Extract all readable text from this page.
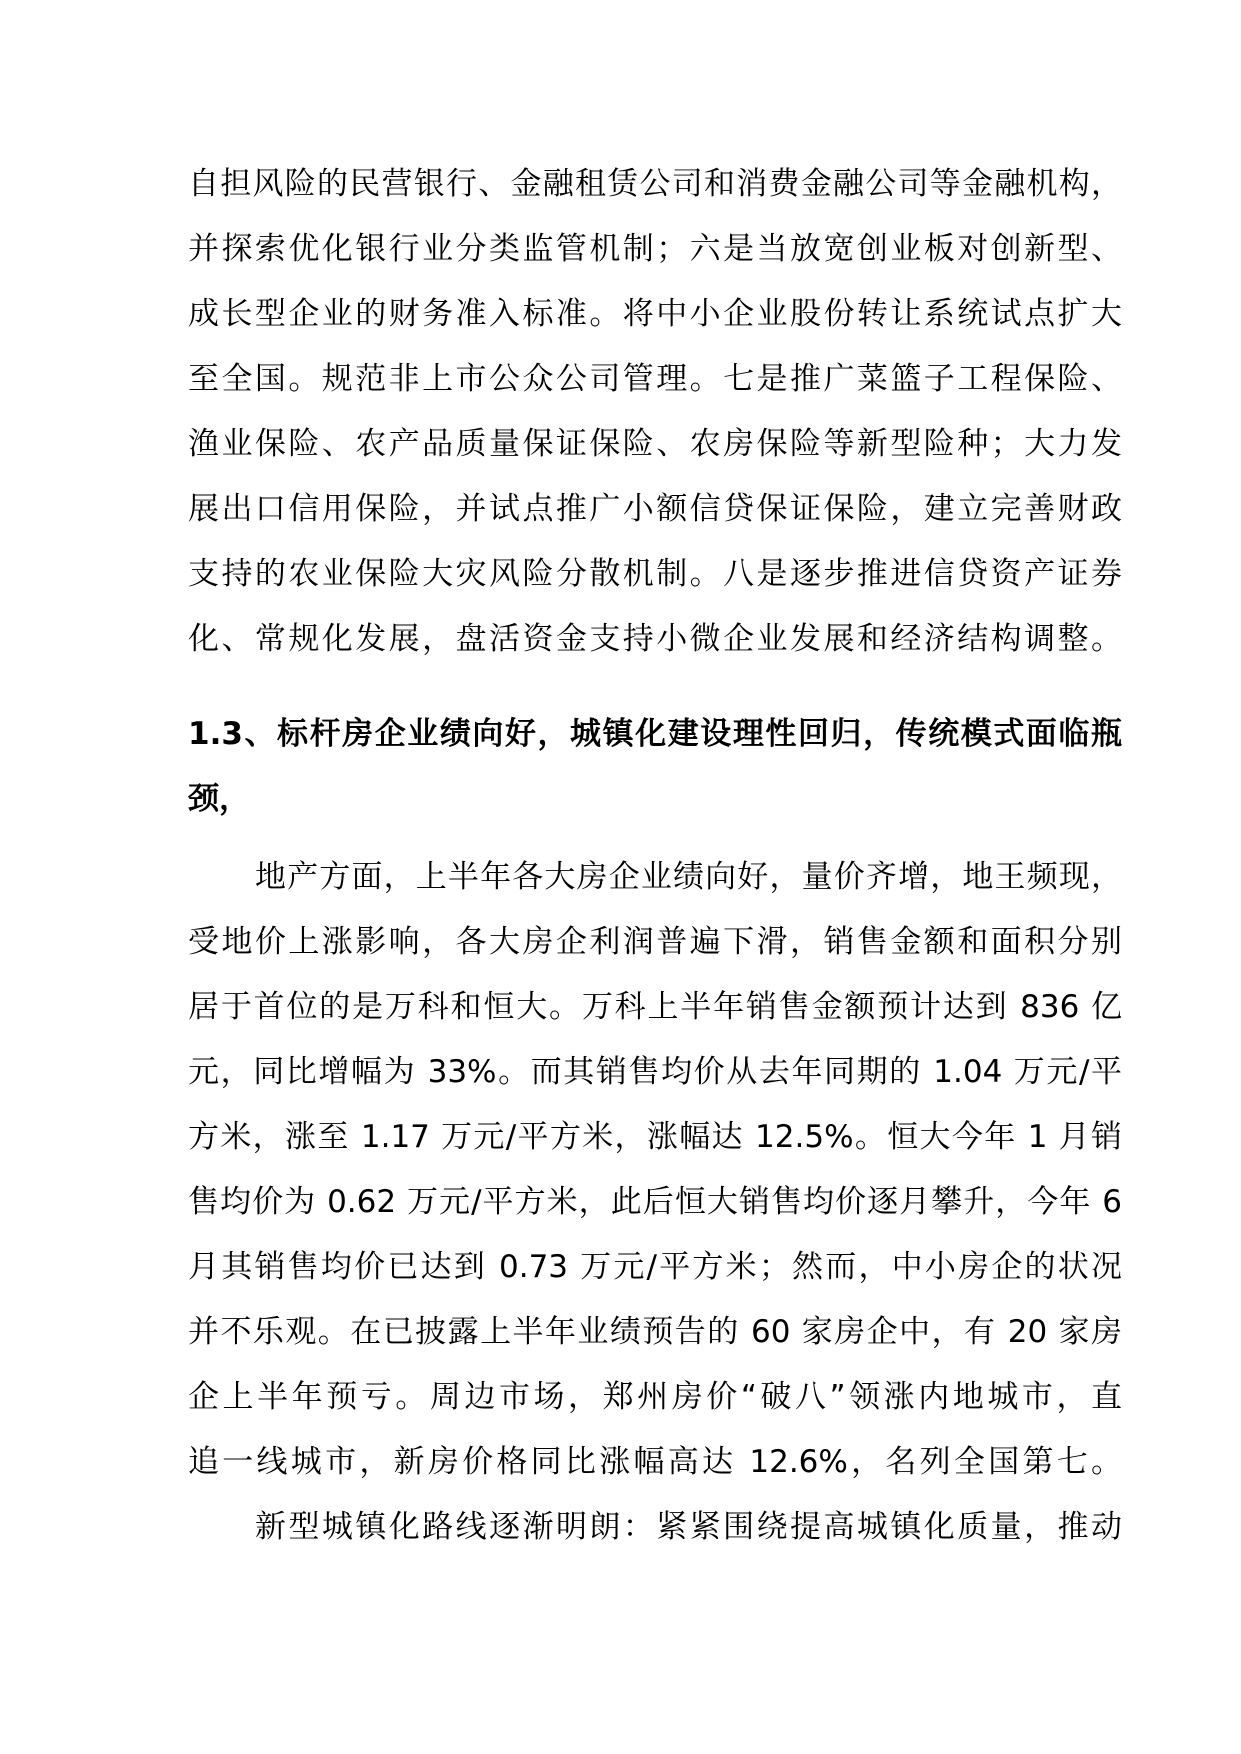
自担风险的民营银行、金融租赁公司和消费金融公司等金融机构，
并探索优化银行业分类监管机制；六是当放宽创业板对创新型、
成长型企业的财务准入标准。将中小企业股份转让系统试点扩大
至全国。规范非上市公众公司管理。七是推广菜篮子工程保险、
渔业保险、农产品质量保证保险、农房保险等新型险种；大力发
展出口信用保险，并试点推广小额信贷保证保险，建立完善财政
支持的农业保险大灾风险分散机制。八是逐步推进信贷资产证券
化、常规化发展，盘活资金支持小微企业发展和经济结构调整。
1.3、标杆房企业绩向好，城镇化建设理性回归，传统模式面临瓶
颈，
地产方面，上半年各大房企业绩向好，量价齐增，地王频现，
受地价上涨影响，各大房企利润普遍下滑，销售金额和面积分别
居于首位的是万科和恒大。万科上半年销售金额预计达到 836 亿
元，同比增幅为 33%。而其销售均价从去年同期的 1.04 万元/平
方米，涨至 1.17 万元/平方米，涨幅达 12.5%。恒大今年 1 月销
售均价为 0.62 万元/平方米，此后恒大销售均价逐月攀升，今年 6
月其销售均价已达到 0.73 万元/平方米；然而，中小房企的状况
并不乐观。在已披露上半年业绩预告的 60 家房企中，有 20 家房
企上半年预亏。周边市场，郑州房价“破八”领涨内地城市，直
追一线城市，新房价格同比涨幅高达 12.6%，名列全国第七。
新型城镇化路线逐渐明朗：紧紧围绕提高城镇化质量，推动
